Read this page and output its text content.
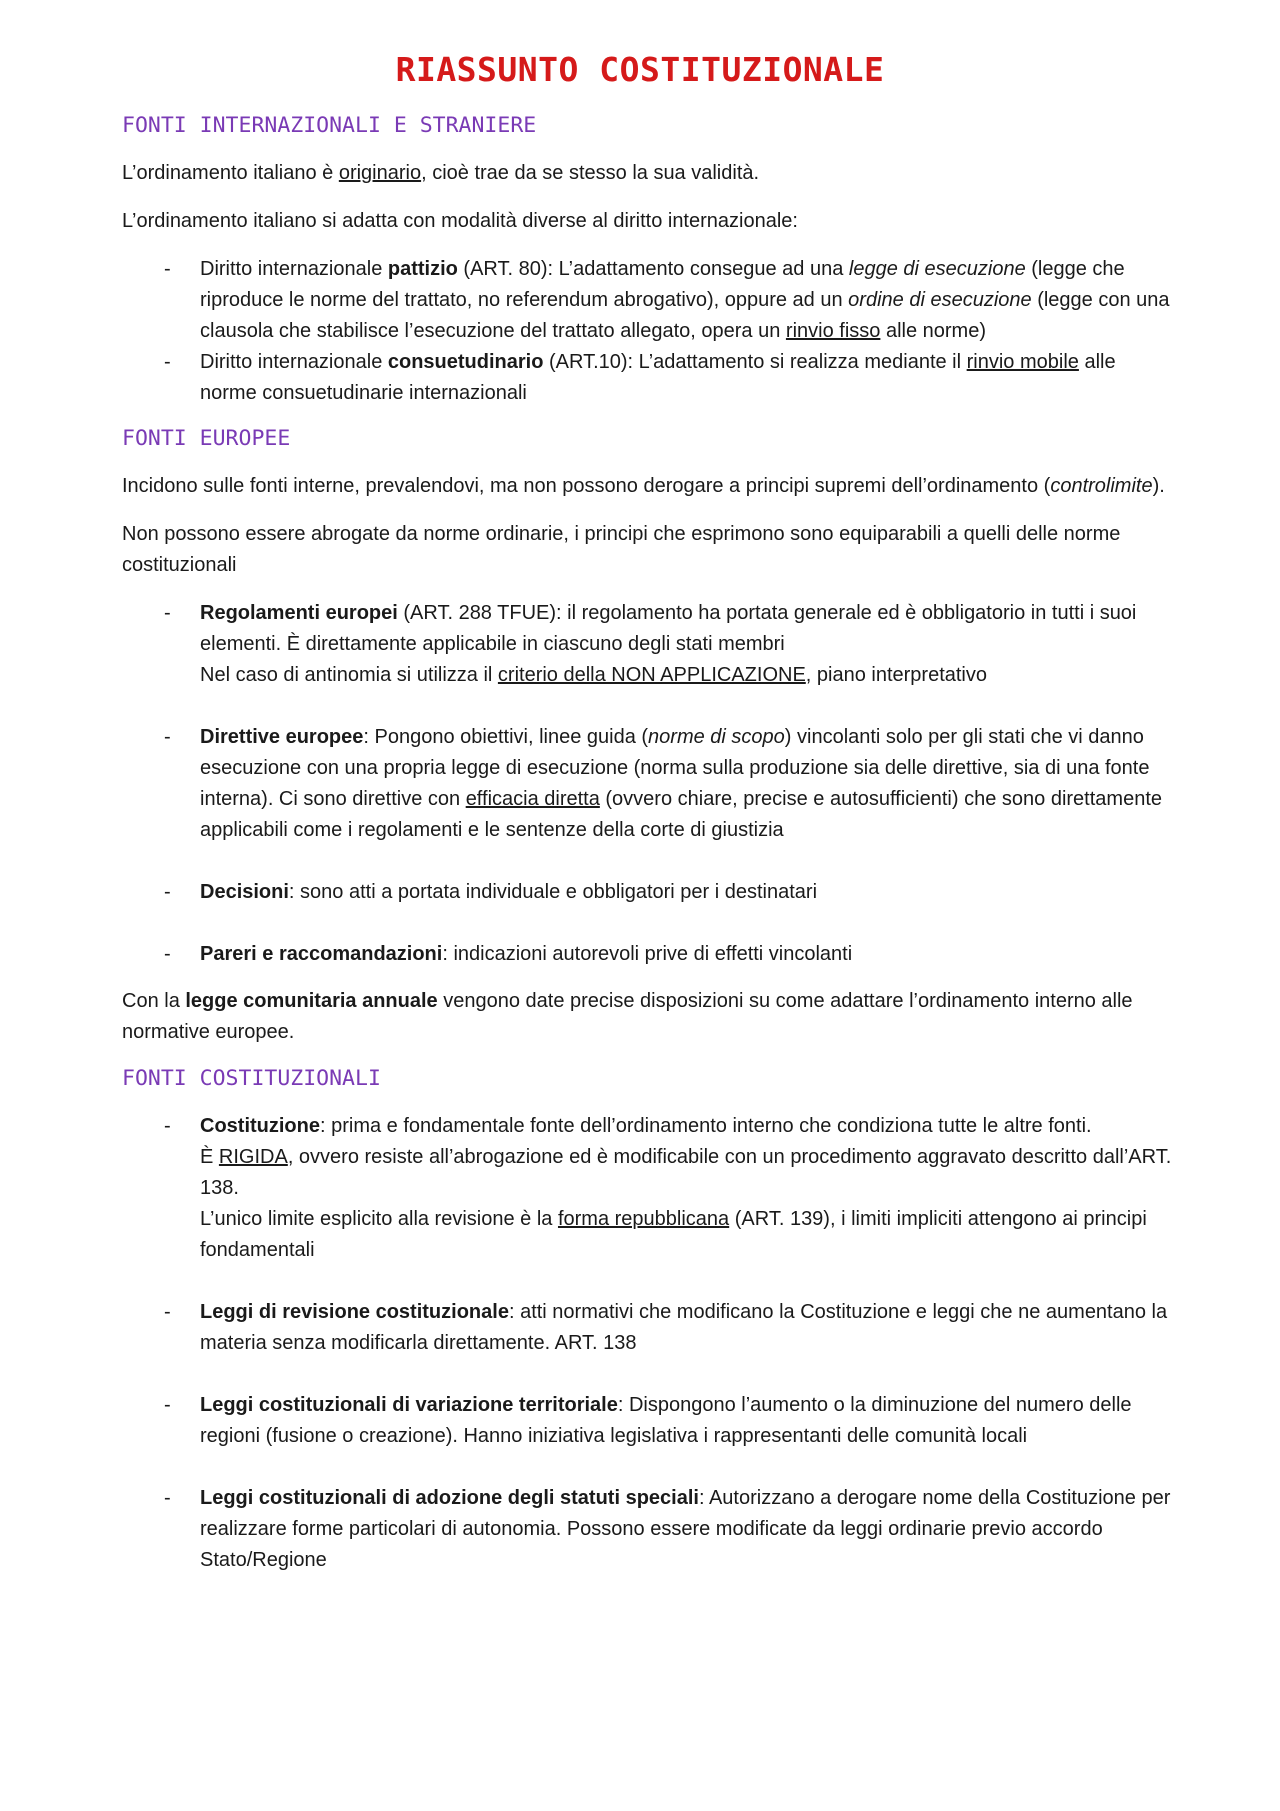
RIASSUNTO COSTITUZIONALE
FONTI INTERNAZIONALI E STRANIERE

L’ordinamento italiano è originario, cioè trae da se stesso la sua validità.

L’ordinamento italiano si adatta con modalità diverse al diritto internazionale:

- Diritto internazionale pattizio (ART. 80): L’adattamento consegue ad una legge di esecuzione (legge che riproduce le norme del trattato, no referendum abrogativo), oppure ad un ordine di esecuzione (legge con una clausola che stabilisce l’esecuzione del trattato allegato, opera un rinvio fisso alle norme)
- Diritto internazionale consuetudinario (ART.10): L’adattamento si realizza mediante il rinvio mobile alle norme consuetudinarie internazionali
FONTI EUROPEE

Incidono sulle fonti interne, prevalendovi, ma non possono derogare a principi supremi dell’ordinamento (controlimite).

Non possono essere abrogate da norme ordinarie, i principi che esprimono sono equiparabili a quelli delle norme costituzionali

- Regolamenti europei (ART. 288 TFUE): il regolamento ha portata generale ed è obbligatorio in tutti i suoi elementi. È direttamente applicabile in ciascuno degli stati membri

Nel caso di antinomia si utilizza il criterio della NON APPLICAZIONE, piano interpretativo

- Direttive europee: Pongono obiettivi, linee guida (norme di scopo) vincolanti solo per gli stati che vi danno esecuzione con una propria legge di esecuzione (norma sulla produzione sia delle direttive, sia di una fonte interna). Ci sono direttive con efficacia diretta (ovvero chiare, precise e autosufficienti) che sono direttamente applicabili come i regolamenti e le sentenze della corte di giustizia
- Decisioni: sono atti a portata individuale e obbligatori per i destinatari
- Pareri e raccomandazioni: indicazioni autorevoli prive di effetti vincolanti

Con la legge comunitaria annuale vengono date precise disposizioni su come adattare l’ordinamento interno alle normative europee.

FONTI COSTITUZIONALI
- Costituzione: prima e fondamentale fonte dell’ordinamento interno che condiziona tutte le altre fonti.

È RIGIDA, ovvero resiste all’abrogazione ed è modificabile con un procedimento aggravato descritto dall’ART. 138.

L’unico limite esplicito alla revisione è la forma repubblicana (ART. 139), i limiti impliciti attengono ai principi fondamentali

- Leggi di revisione costituzionale: atti normativi che modificano la Costituzione e leggi che ne aumentano la materia senza modificarla direttamente. ART. 138
- Leggi costituzionali di variazione territoriale: Dispongono l’aumento o la diminuzione del numero delle regioni (fusione o creazione). Hanno iniziativa legislativa i rappresentanti delle comunità locali
- Leggi costituzionali di adozione degli statuti speciali: Autorizzano a derogare nome della Costituzione per realizzare forme particolari di autonomia. Possono essere modificate da leggi ordinarie previo accordo Stato/Regione
